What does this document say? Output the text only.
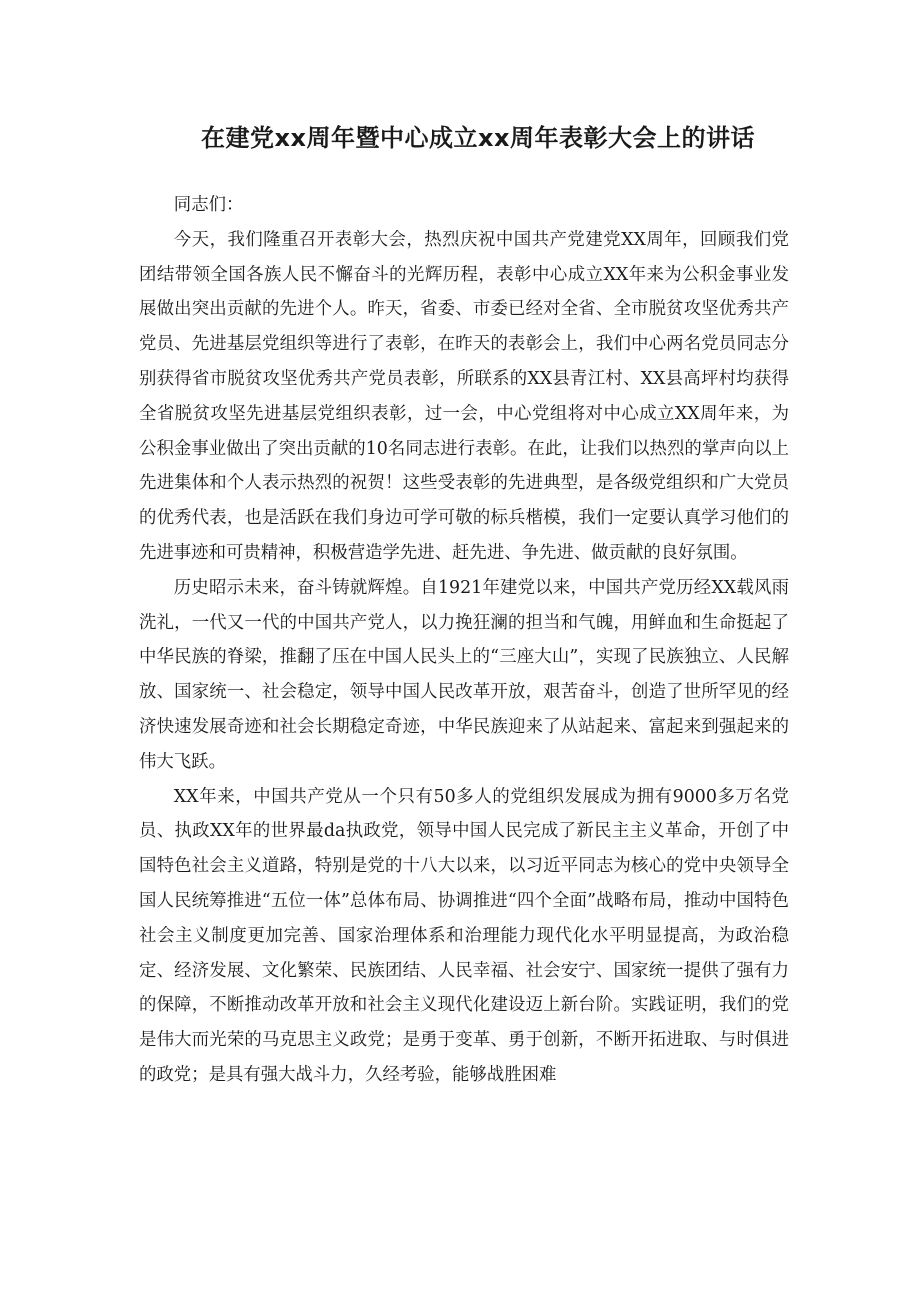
在建党xx周年暨中心成立xx周年表彰大会上的讲话

同志们：

今天，我们隆重召开表彰大会，热烈庆祝中国共产党建党XX周年，回顾我们党团结带领全国各族人民不懈奋斗的光辉历程，表彰中心成立XX年来为公积金事业发展做出突出贡献的先进个人。昨天，省委、市委已经对全省、全市脱贫攻坚优秀共产党员、先进基层党组织等进行了表彰，在昨天的表彰会上，我们中心两名党员同志分别获得省市脱贫攻坚优秀共产党员表彰，所联系的XX县青江村、XX县高坪村均获得全省脱贫攻坚先进基层党组织表彰，过一会，中心党组将对中心成立XX周年来，为公积金事业做出了突出贡献的10名同志进行表彰。在此，让我们以热烈的掌声向以上先进集体和个人表示热烈的祝贺！这些受表彰的先进典型，是各级党组织和广大党员的优秀代表，也是活跃在我们身边可学可敬的标兵楷模，我们一定要认真学习他们的先进事迹和可贵精神，积极营造学先进、赶先进、争先进、做贡献的良好氛围。

历史昭示未来，奋斗铸就辉煌。自1921年建党以来，中国共产党历经XX载风雨洗礼，一代又一代的中国共产党人，以力挽狂澜的担当和气魄，用鲜血和生命挺起了中华民族的脊梁，推翻了压在中国人民头上的“三座大山”，实现了民族独立、人民解放、国家统一、社会稳定，领导中国人民改革开放，艰苦奋斗，创造了世所罕见的经济快速发展奇迹和社会长期稳定奇迹，中华民族迎来了从站起来、富起来到强起来的伟大飞跃。

XX年来，中国共产党从一个只有50多人的党组织发展成为拥有9000多万名党员、执政XX年的世界最da执政党，领导中国人民完成了新民主主义革命，开创了中国特色社会主义道路，特别是党的十八大以来，以习近平同志为核心的党中央领导全国人民统筹推进“五位一体”总体布局、协调推进“四个全面”战略布局，推动中国特色社会主义制度更加完善、国家治理体系和治理能力现代化水平明显提高，为政治稳定、经济发展、文化繁荣、民族团结、人民幸福、社会安宁、国家统一提供了强有力的保障，不断推动改革开放和社会主义现代化建设迈上新台阶。实践证明，我们的党是伟大而光荣的马克思主义政党；是勇于变革、勇于创新，不断开拓进取、与时俱进的政党；是具有强大战斗力，久经考验，能够战胜困难
